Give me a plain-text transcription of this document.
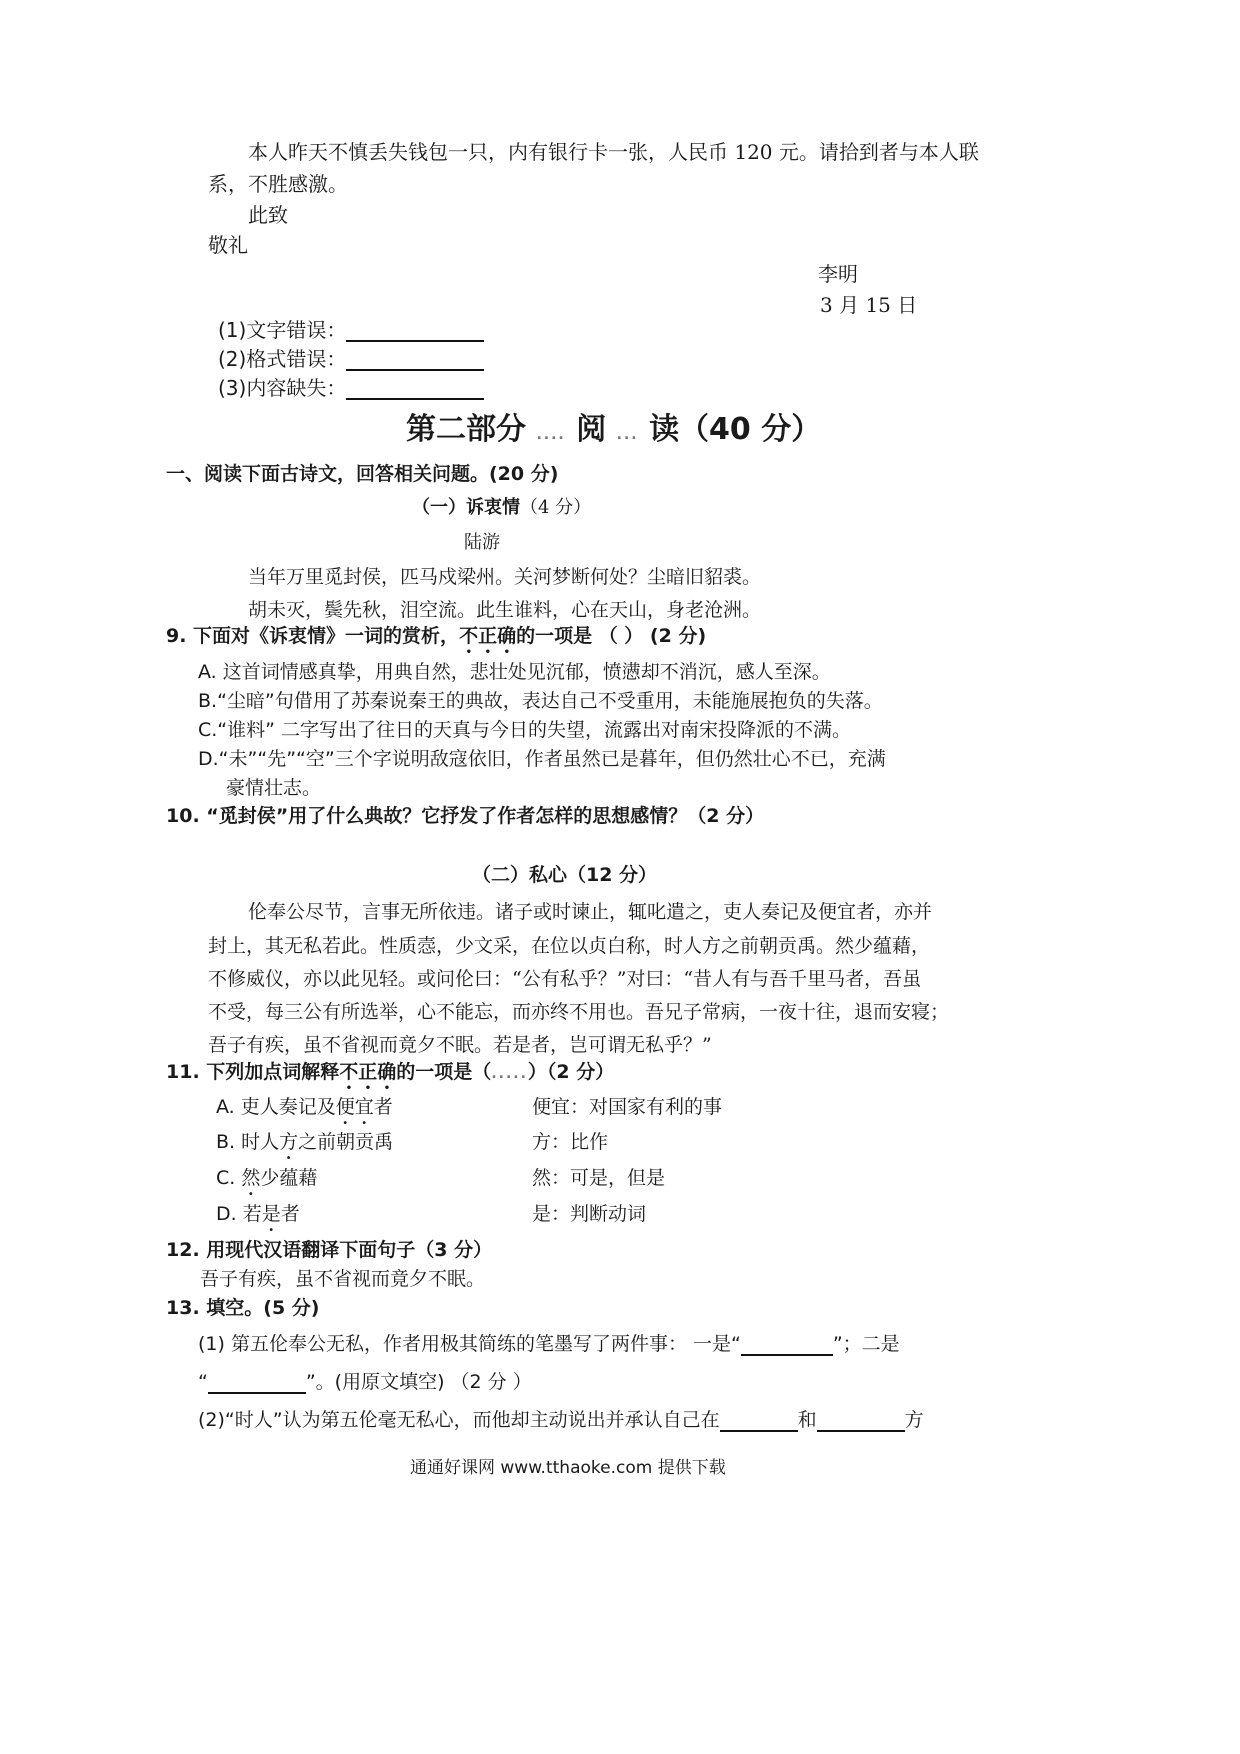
本人昨天不慎丢失钱包一只，内有银行卡一张，人民币 120 元。请拾到者与本人联
系，不胜感激。
此致
敬礼
李明
3 月 15 日
(1)文字错误：
(2)格式错误：
(3)内容缺失：
第二部分 .... 阅 ... 读（40 分）
一、阅读下面古诗文，回答相关问题。(20 分)
（一）诉衷情（4 分）
陆游
当年万里觅封侯，匹马戍梁州。关河梦断何处？尘暗旧貂裘。
胡未灭，鬓先秋，泪空流。此生谁料，心在天山，身老沧洲。
9. 下面对《诉衷情》一词的赏析，不正确的一项是 （ ） (2 分)
A. 这首词情感真挚，用典自然，悲壮处见沉郁，愤懑却不消沉，感人至深。
B.“尘暗”句借用了苏秦说秦王的典故，表达自己不受重用，未能施展抱负的失落。
C.“谁料” 二字写出了往日的天真与今日的失望，流露出对南宋投降派的不满。
D.“未”“先”“空”三个字说明敌寇依旧，作者虽然已是暮年，但仍然壮心不已，充满
豪情壮志。
10. “觅封侯”用了什么典故？它抒发了作者怎样的思想感情？（2 分）
（二）私心（12 分）
伦奉公尽节，言事无所依违。诸子或时谏止，辄叱遣之，吏人奏记及便宜者，亦并
封上，其无私若此。性质悫，少文采，在位以贞白称，时人方之前朝贡禹。然少蕴藉，
不修威仪，亦以此见轻。或问伦曰：“公有私乎？”对曰：“昔人有与吾千里马者，吾虽
不受，每三公有所选举，心不能忘，而亦终不用也。吾兄子常病，一夜十往，退而安寝；
吾子有疾，虽不省视而竟夕不眠。若是者，岂可谓无私乎？”
11. 下列加点词解释不正确的一项是（.....）（2 分）
A. 吏人奏记及便宜者	便宜：对国家有利的事
B. 时人方之前朝贡禹	方：比作
C. 然少蕴藉	然：可是，但是
D. 若是者	是：判断动词
12. 用现代汉语翻译下面句子（3 分）
吾子有疾，虽不省视而竟夕不眠。
13. 填空。(5 分)
(1) 第五伦奉公无私，作者用极其简练的笔墨写了两件事： 一是“	”；二是
“	”。(用原文填空) （2 分 ）
(2)“时人”认为第五伦毫无私心，而他却主动说出并承认自己在	和	方
通通好课网 www.tthaoke.com 提供下载
